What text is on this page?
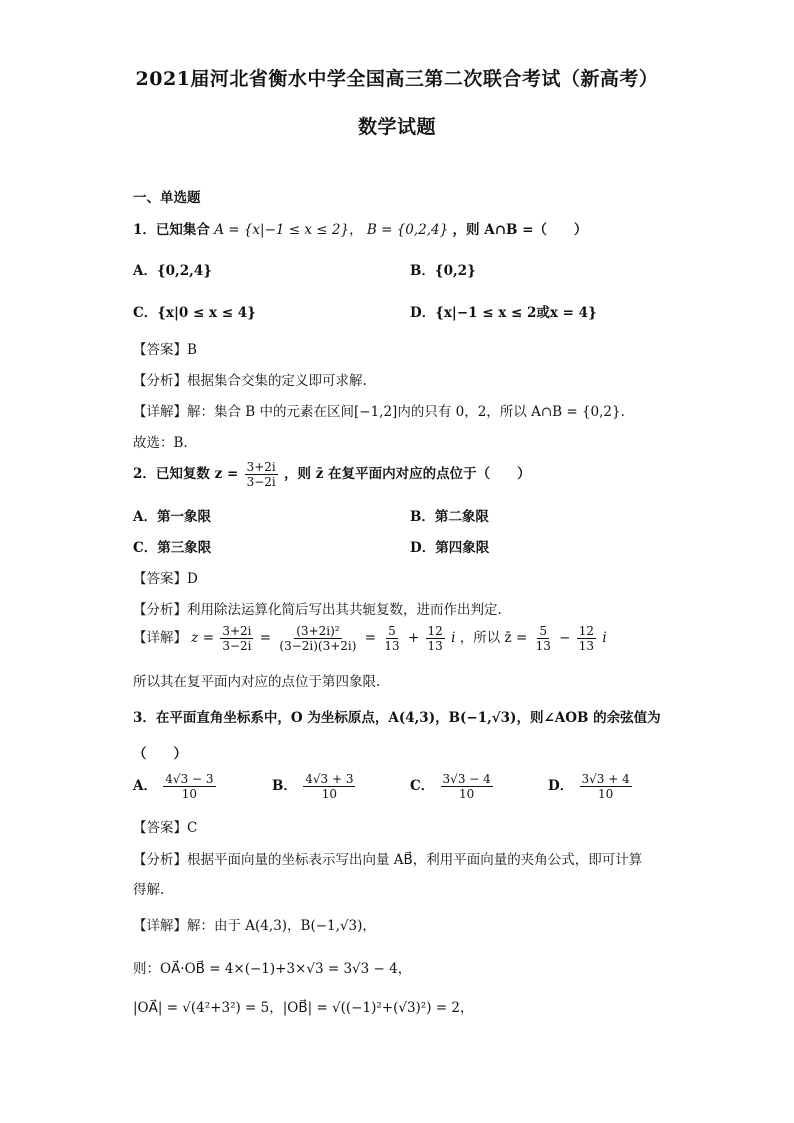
2021届河北省衡水中学全国高三第二次联合考试（新高考）
数学试题
一、单选题
1．已知集合 A = {x|−1 ≤ x ≤ 2}， B = {0,2,4} ，则 A∩B =（　　）
A．{0,2,4}	B．{0,2}
C．{x|0 ≤ x ≤ 4}	D．{x|−1 ≤ x ≤ 2或x = 4}
【答案】B
【分析】根据集合交集的定义即可求解.
【详解】解：集合 B 中的元素在区间[−1,2]内的只有 0，2，所以 A∩B = {0,2}.
故选：B.
2．已知复数 $z = \frac{3+2i}{3-2i}$ ，则 z̄ 在复平面内对应的点位于（　　）
A．第一象限	B．第二象限
C．第三象限	D．第四象限
【答案】D
【分析】利用除法运算化简后写出其共轭复数，进而作出判定.
【详解】 $z = \frac{3+2i}{3-2i} = \frac{\text{(3+2i)²}}{(3-2i)(3+2i)} = \frac{5}{13} + \frac{12}{13}$ i ，所以 z̄ = $\frac{5}{13} - \frac{12}{13}$ i
所以其在复平面内对应的点位于第四象限.
3．在平面直角坐标系中，O 为坐标原点，A(4,3)，B(−1,√3)，则∠AOB 的余弦值为
（　　）
A． $\frac{4√3 - 3}{10}$	B． $\frac{4√3 + 3}{10}$	C． $\frac{3√3 - 4}{10}$	D． $\frac{3√3 + 4}{10}$
【答案】C
【分析】根据平面向量的坐标表示写出向量 AB⃗，利用平面向量的夹角公式，即可计算
得解.
【详解】解：由于 A(4,3)，B(−1,√3)，
则：OA⃗·OB⃗ = 4×(−1)+3×√3 = 3√3 − 4，
|OA⃗| = √(4²+3²) = 5，|OB⃗| = √((−1)²+(√3)²) = 2，
